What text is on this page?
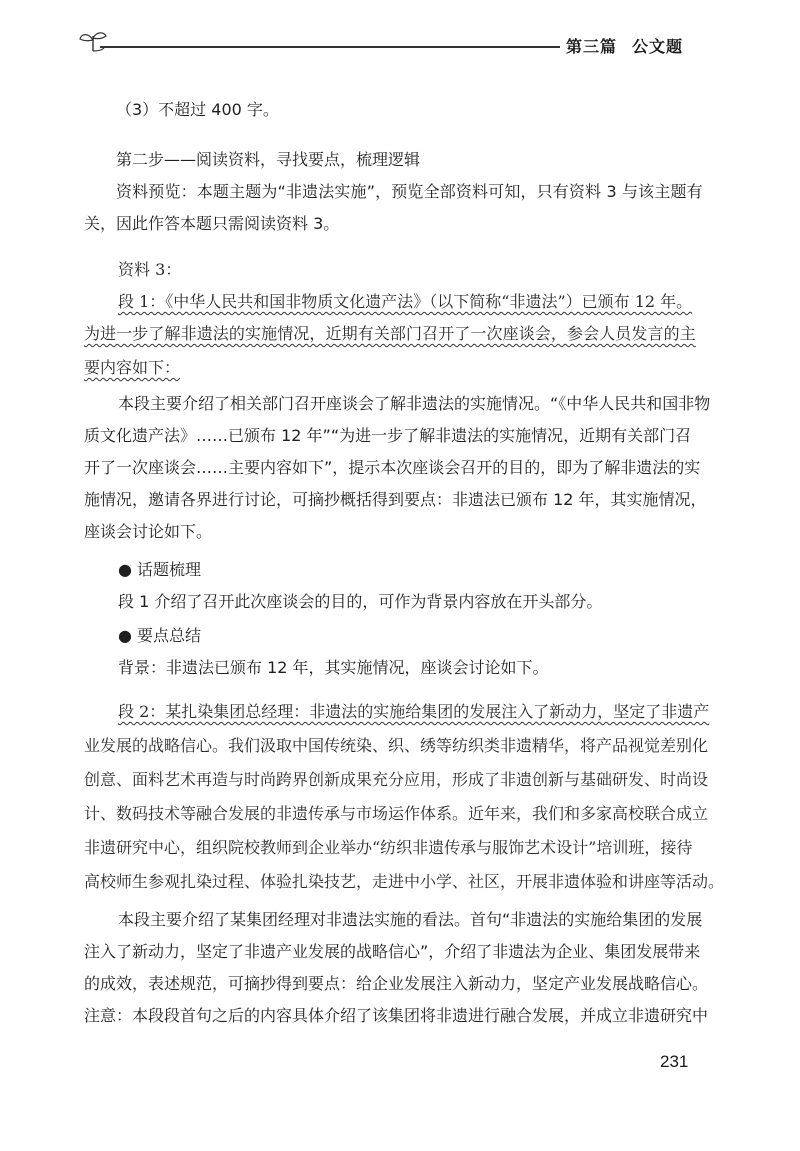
第三篇 公文题
（3）不超过 400 字。
第二步——阅读资料，寻找要点，梳理逻辑
资料预览：本题主题为“非遗法实施”，预览全部资料可知，只有资料 3 与该主题有
关，因此作答本题只需阅读资料 3。
资料 3：
段 1：《中华人民共和国非物质文化遗产法》（以下简称“非遗法”）已颁布 12 年。
为进一步了解非遗法的实施情况，近期有关部门召开了一次座谈会，参会人员发言的主
要内容如下：
本段主要介绍了相关部门召开座谈会了解非遗法的实施情况。“《中华人民共和国非物
质文化遗产法》……已颁布 12 年”“为进一步了解非遗法的实施情况，近期有关部门召
开了一次座谈会……主要内容如下”，提示本次座谈会召开的目的，即为了解非遗法的实
施情况，邀请各界进行讨论，可摘抄概括得到要点：非遗法已颁布 12 年，其实施情况，
座谈会讨论如下。
● 话题梳理
段 1 介绍了召开此次座谈会的目的，可作为背景内容放在开头部分。
● 要点总结
背景：非遗法已颁布 12 年，其实施情况，座谈会讨论如下。
段 2：某扎染集团总经理：非遗法的实施给集团的发展注入了新动力，坚定了非遗产
业发展的战略信心。我们汲取中国传统染、织、绣等纺织类非遗精华，将产品视觉差别化
创意、面料艺术再造与时尚跨界创新成果充分应用，形成了非遗创新与基础研发、时尚设
计、数码技术等融合发展的非遗传承与市场运作体系。近年来，我们和多家高校联合成立
非遗研究中心，组织院校教师到企业举办“纺织非遗传承与服饰艺术设计”培训班，接待
高校师生参观扎染过程、体验扎染技艺，走进中小学、社区，开展非遗体验和讲座等活动。
本段主要介绍了某集团经理对非遗法实施的看法。首句“非遗法的实施给集团的发展
注入了新动力，坚定了非遗产业发展的战略信心”，介绍了非遗法为企业、集团发展带来
的成效，表述规范，可摘抄得到要点：给企业发展注入新动力，坚定产业发展战略信心。
注意：本段段首句之后的内容具体介绍了该集团将非遗进行融合发展，并成立非遗研究中
231
